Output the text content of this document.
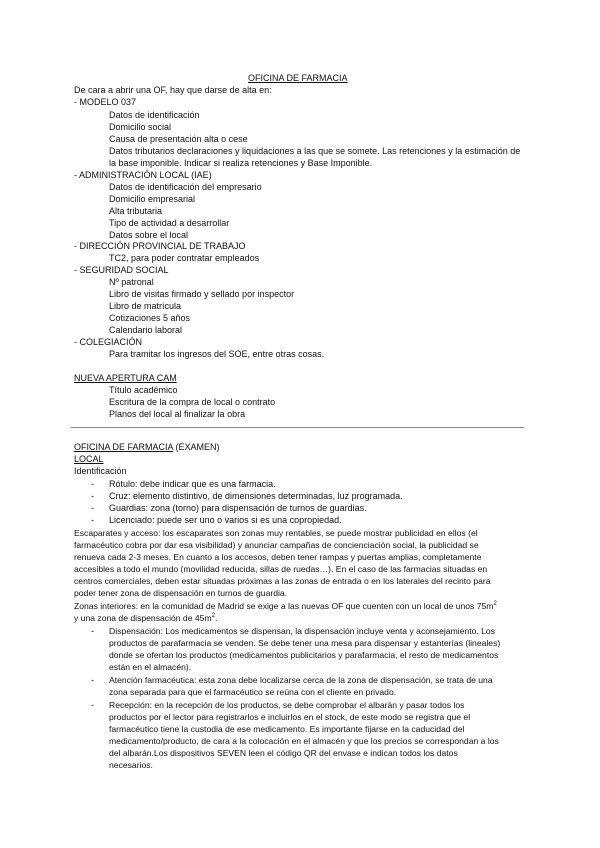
OFICINA DE FARMACIA
De cara a abrir una OF, hay que darse de alta en:
- MODELO 037
Datos de identificación
Domicilio social
Causa de presentación alta o cese
Datos tributarios declaraciones y liquidaciones a las que se somete. Las retenciones y la estimación de
la base imponible. Indicar si realiza retenciones y Base Imponible.
- ADMINISTRACIÓN LOCAL (IAE)
Datos de identificación del empresario
Domicilio empresarial
Alta tributaria
Tipo de actividad a desarrollar
Datos sobre el local
- DIRECCIÓN PROVINCIAL DE TRABAJO
TC2, para poder contratar empleados
- SEGURIDAD SOCIAL
Nº patronal
Libro de visitas firmado y sellado por inspector
Libro de matrícula
Cotizaciones 5 años
Calendario laboral
- COLEGIACIÓN
Para tramitar los ingresos del SOE, entre otras cosas.
NUEVA APERTURA CAM
Título académico
Escritura de la compra de local o contrato
Planos del local al finalizar la obra
OFICINA DE FARMACIA (EXAMEN)
LOCAL
Identificación
- Rótulo: debe indicar que es una farmacia.
- Cruz: elemento distintivo, de dimensiones determinadas, luz programada.
- Guardias: zona (torno) para dispensación de turnos de guardias.
- Licenciado: puede ser uno o varios si es una copropiedad.
Escaparates y acceso: los escaparates son zonas muy rentables, se puede mostrar publicidad en ellos (el
farmacéutico cobra por dar esa visibilidad) y anunciar campañas de concienciación social, la publicidad se
renueva cada 2-3 meses. En cuanto a los accesos, deben tener rampas y puertas amplias, completamente
accesibles a todo el mundo (movilidad reducida, sillas de ruedas…). En el caso de las farmacias situadas en
centros comerciales, deben estar situadas próximas a las zonas de entrada o en los laterales del recinto para
poder tener zona de dispensación en turnos de guardia.
Zonas interiores: en la comunidad de Madrid se exige a las nuevas OF que cuenten con un local de unos $75m^2$
y una zona de dispensación de $45m^2$.
- Dispensación: Los medicamentos se dispensan, la dispensación incluye venta y aconsejamiento. Los
productos de parafarmacia se venden. Se debe tener una mesa para dispensar y estanterías (lineales)
donde se ofertan los productos (medicamentos publicitarios y parafarmacia, el resto de medicamentos
están en el almacén).
- Atención farmacéutica: esta zona debe localizarse cerca de la zona de dispensación, se trata de una
zona separada para que el farmacéutico se reúna con el cliente en privado.
- Recepción: en la recepción de los productos, se debe comprobar el albarán y pasar todos los
productos por el lector para registrarlos e incluirlos en el stock, de este modo se registra que el
farmacéutico tiene la custodia de ese medicamento. Es importante fijarse en la caducidad del
medicamento/producto, de cara a la colocación en el almacén y que los precios se correspondan a los
del albarán.Los dispositivos SEVEN leen el código QR del envase e indican todos los datos
necesarios.
